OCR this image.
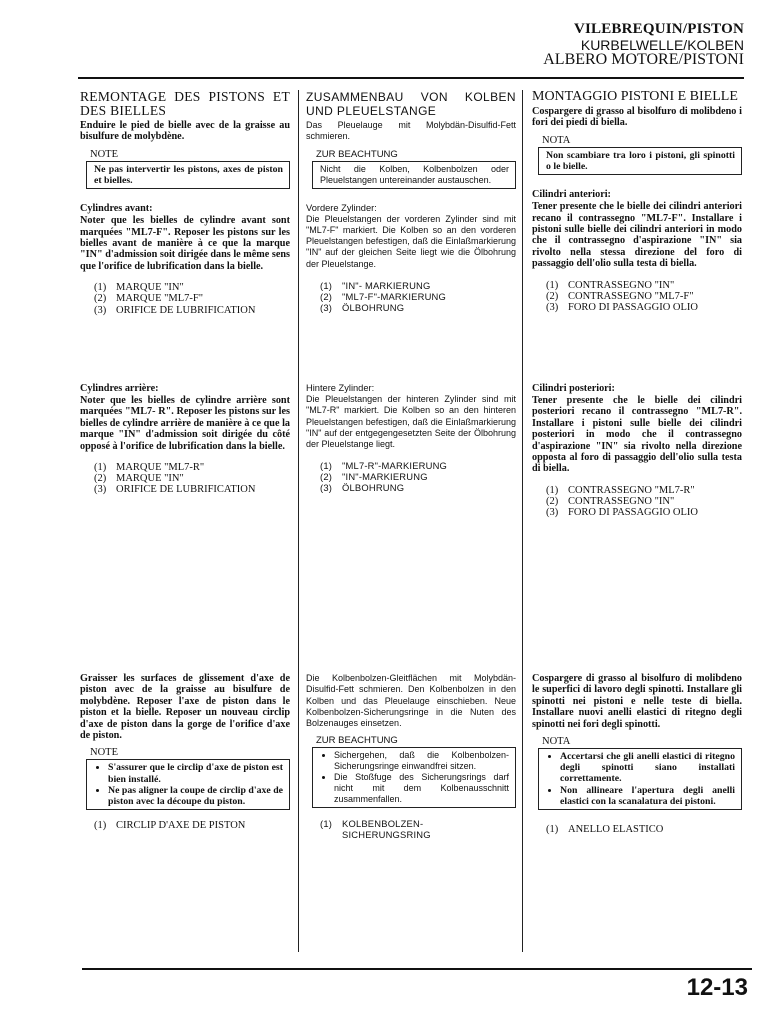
VILEBREQUIN/PISTON
KURBELWELLE/KOLBEN
ALBERO MOTORE/PISTONI
REMONTAGE DES PISTONS ET DES BIELLES

Enduire le pied de bielle avec de la graisse au bisulfure de molybdène.

NOTE
Ne pas intervertir les pistons, axes de piston et bielles.
Cylindres avant:

Noter que les bielles de cylindre avant sont marquées "ML7-F". Reposer les pistons sur les bielles avant de manière à ce que la marque "IN" d'admission soit dirigée dans le même sens que l'orifice de lubrification dans la bielle.

(1) MARQUE "IN"
(2) MARQUE "ML7-F"
(3) ORIFICE DE LUBRIFICATION
Cylindres arrière:

Noter que les bielles de cylindre arrière sont marquées "ML7- R". Reposer les pistons sur les bielles de cylindre arrière de manière à ce que la marque "IN" d'admission soit dirigée du côté opposé à l'orifice de lubrification dans la bielle.

(1) MARQUE "ML7-R"
(2) MARQUE "IN"
(3) ORIFICE DE LUBRIFICATION

Graisser les surfaces de glissement d'axe de piston avec de la graisse au bisulfure de molybdène. Reposer l'axe de piston dans le piston et la bielle. Reposer un nouveau circlip d'axe de piston dans la gorge de l'orifice d'axe de piston.

NOTE
• S'assurer que le circlip d'axe de piston est bien installé.
• Ne pas aligner la coupe de circlip d'axe de piston avec la découpe du piston.
(1) CIRCLIP D'AXE DE PISTON
ZUSAMMENBAU VON KOLBEN UND PLEUELSTANGE

Das Pleuelauge mit Molybdän-Disulfid-Fett schmieren.

ZUR BEACHTUNG
Nicht die Kolben, Kolbenbolzen oder Pleuelstangen untereinander austauschen.
Vordere Zylinder:

Die Pleuelstangen der vorderen Zylinder sind mit "ML7-F" markiert. Die Kolben so an den vorderen Pleuelstangen befestigen, daß die Einlaßmarkierung "IN" auf der gleichen Seite liegt wie die Ölbohrung der Pleuelstange.

(1)	"IN"- MARKIERUNG
(2)	"ML7-F"-MARKIERUNG
(3)	ÖLBOHRUNG
Hintere Zylinder:

Die Pleuelstangen der hinteren Zylinder sind mit "ML7-R" markiert. Die Kolben so an den hinteren Pleuelstangen befestigen, daß die Einlaßmarkierung "IN" auf der entgegengesetzten Seite der Ölbohrung der Pleuelstange liegt.

(1)	"ML7-R"-MARKIERUNG
(2)	"IN"-MARKIERUNG
(3)	ÖLBOHRUNG

Die Kolbenbolzen-Gleitflächen mit Molybdän-Disulfid-Fett schmieren. Den Kolbenbolzen in den Kolben und das Pleuelauge einschieben. Neue Kolbenbolzen-Sicherungsringe in die Nuten des Bolzenauges einsetzen.

ZUR BEACHTUNG
• Sichergehen, daß die Kolbenbolzen-Sicherungsringe einwandfrei sitzen.
• Die Stoßfuge des Sicherungsrings darf nicht mit dem Kolbenausschnitt zusammenfallen.
(1)	KOLBENBOLZEN-SICHERUNGSRING
MONTAGGIO PISTONI E BIELLE

Cospargere di grasso al bisolfuro di molibdeno i fori dei piedi di biella.

NOTA
Non scambiare tra loro i pistoni, gli spinotti o le bielle.
Cilindri anteriori:

Tener presente che le bielle dei cilindri anteriori recano il contrassegno "ML7-F". Installare i pistoni sulle bielle dei cilindri anteriori in modo che il contrassegno d'aspirazione "IN" sia rivolto nella stessa direzione del foro di passaggio dell'olio sulla testa di biella.

(1) CONTRASSEGNO "IN"
(2) CONTRASSEGNO "ML7-F"
(3) FORO DI PASSAGGIO OLIO
Cilindri posteriori:

Tener presente che le bielle dei cilindri posteriori recano il contrassegno "ML7-R". Installare i pistoni sulle bielle dei cilindri posteriori in modo che il contrassegno d'aspirazione "IN" sia rivolto nella direzione opposta al foro di passaggio dell'olio sulla testa di biella.

(1) CONTRASSEGNO "ML7-R"
(2) CONTRASSEGNO "IN"
(3) FORO DI PASSAGGIO OLIO

Cospargere di grasso al bisolfuro di molibdeno le superfici di lavoro degli spinotti. Installare gli spinotti nei pistoni e nelle teste di biella. Installare nuovi anelli elastici di ritegno degli spinotti nei fori degli spinotti.

NOTA
• Accertarsi che gli anelli elastici di ritegno degli spinotti siano installati correttamente.
• Non allineare l'apertura degli anelli elastici con la scanalatura dei pistoni.
(1) ANELLO ELASTICO
12-13
